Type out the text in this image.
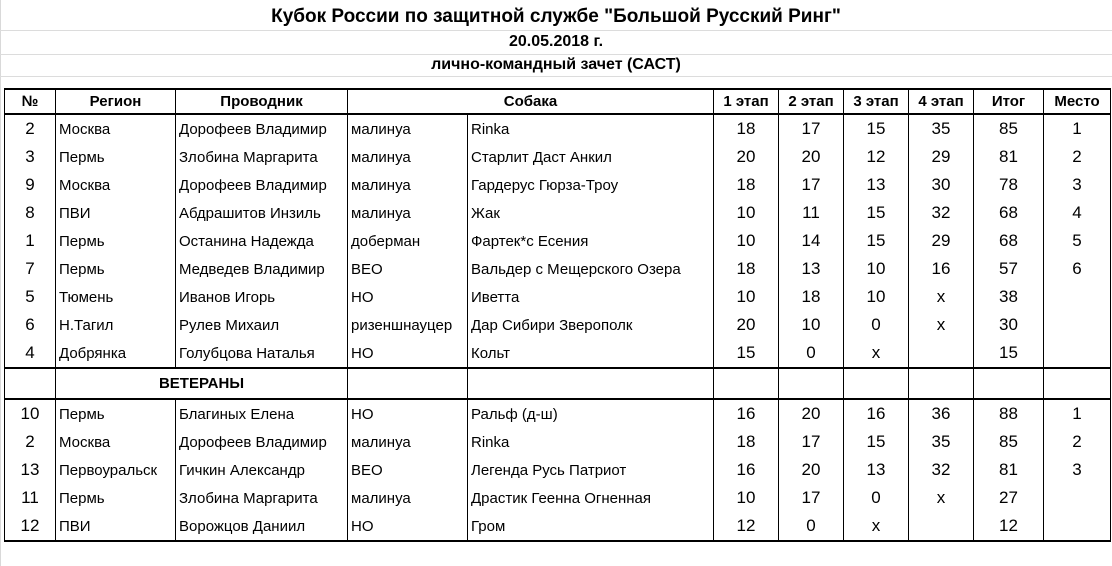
Кубок России по защитной службе "Большой Русский Ринг"
20.05.2018 г.
лично-командный зачет (САСТ)
№	Регион	Проводник	Собака		1 этап	2 этап	3 этап	4 этап	Итог	Место
2	Москва	Дорофеев Владимир	малинуа	Rinka	18	17	15	35	85	1
3	Пермь	Злобина Маргарита	малинуа	Старлит Даст Анкил	20	20	12	29	81	2
9	Москва	Дорофеев Владимир	малинуа	Гардерус Гюрза-Троу	18	17	13	30	78	3
8	ПВИ	Абдрашитов Инзиль	малинуа	Жак	10	11	15	32	68	4
1	Пермь	Останина Надежда	доберман	Фартек*с Есения	10	14	15	29	68	5
7	Пермь	Медведев Владимир	ВЕО	Вальдер с Мещерского Озера	18	13	10	16	57	6
5	Тюмень	Иванов Игорь	НО	Иветта	10	18	10	х	38	
6	Н.Тагил	Рулев Михаил	ризеншнауцер	Дар Сибири Зверополк	20	10	0	х	30	
4	Добрянка	Голубцова Наталья	НО	Кольт	15	0	х		15	
	ВЕТЕРАНЫ									
10	Пермь	Благиных Елена	НО	Ральф (д-ш)	16	20	16	36	88	1
2	Москва	Дорофеев Владимир	малинуа	Rinka	18	17	15	35	85	2
13	Первоуральск	Гичкин Александр	ВЕО	Легенда Русь Патриот	16	20	13	32	81	3
11	Пермь	Злобина Маргарита	малинуа	Драстик Геенна Огненная	10	17	0	х	27	
12	ПВИ	Ворожцов Даниил	НО	Гром	12	0	х		12	
